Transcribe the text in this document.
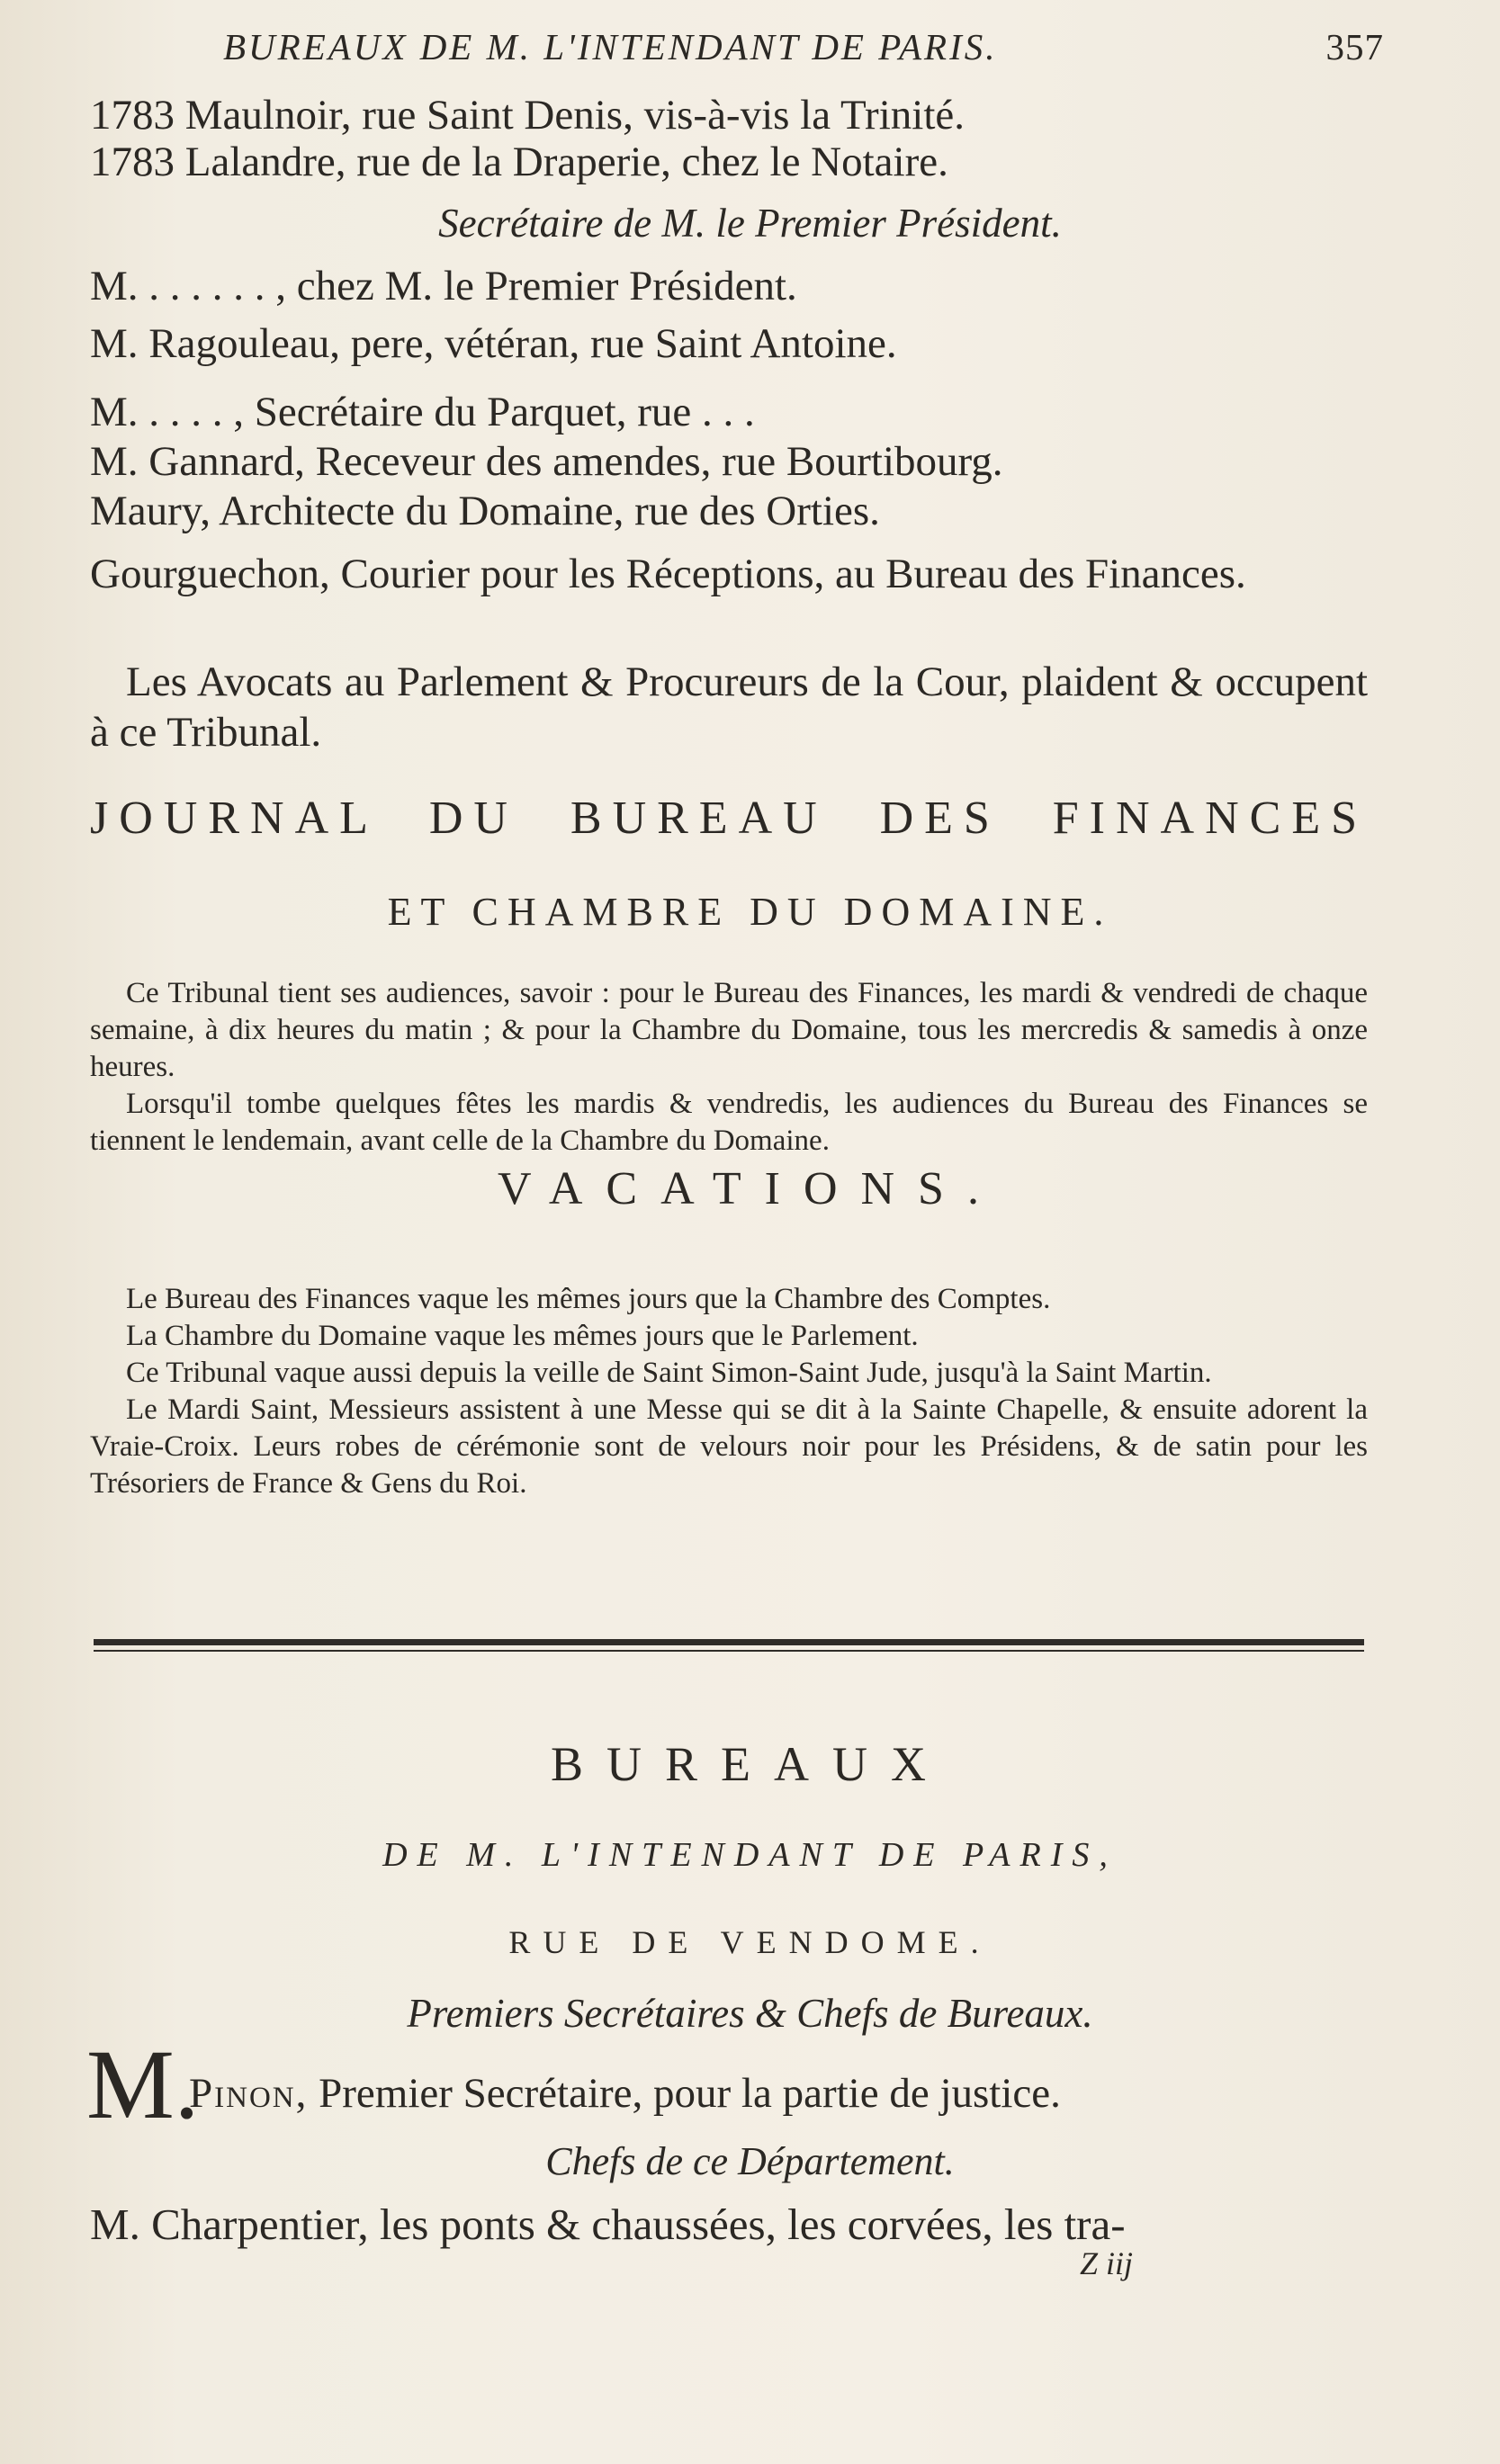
BUREAUX DE M. L'INTENDANT DE PARIS.	357
1783 Maulnoir, rue Saint Denis, vis-à-vis la Trinité.
1783 Lalandre, rue de la Draperie, chez le Notaire.
Secrétaire de M. le Premier Président.
M. . . . . . . , chez M. le Premier Président.
M. Ragouleau, pere, vétéran, rue Saint Antoine.
M. . . . . , Secrétaire du Parquet, rue . . .
M. Gannard, Receveur des amendes, rue Bourtibourg.
Maury, Architecte du Domaine, rue des Orties.
Gourguechon, Courier pour les Réceptions, au Bureau des Finances.
Les Avocats au Parlement & Procureurs de la Cour, plaident & occupent à ce Tribunal.
JOURNAL DU BUREAU DES FINANCES
ET CHAMBRE DU DOMAINE.

Ce Tribunal tient ses audiences, savoir : pour le Bureau des Finances, les mardi & vendredi de chaque semaine, à dix heures du matin ; & pour la Chambre du Domaine, tous les mercredis & samedis à onze heures.

Lorsqu'il tombe quelques fêtes les mardis & vendredis, les audiences du Bureau des Finances se tiennent le lendemain, avant celle de la Chambre du Domaine.

VACATIONS.

Le Bureau des Finances vaque les mêmes jours que la Chambre des Comptes.

La Chambre du Domaine vaque les mêmes jours que le Parlement.

Ce Tribunal vaque aussi depuis la veille de Saint Simon-Saint Jude, jusqu'à la Saint Martin.

Le Mardi Saint, Messieurs assistent à une Messe qui se dit à la Sainte Chapelle, & ensuite adorent la Vraie-Croix. Leurs robes de cérémonie sont de velours noir pour les Présidens, & de satin pour les Trésoriers de France & Gens du Roi.

BUREAUX
DE M. L'INTENDANT DE PARIS,
RUE DE VENDOME.
Premiers Secrétaires & Chefs de Bureaux.
M.
Pinon, Premier Secrétaire, pour la partie de justice.
Chefs de ce Département.
M. Charpentier, les ponts & chaussées, les corvées, les tra-
Z iij
